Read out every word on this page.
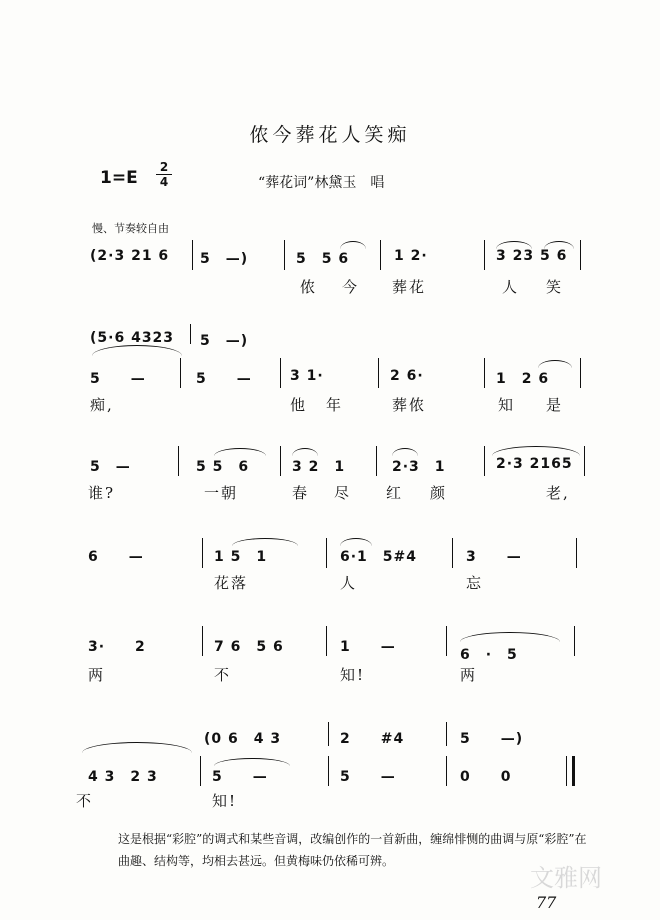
侬今葬花人笑痴
1=E
2
4	“葬花词”林黛玉　唱
慢、节奏较自由
(2·3 21 6 5　—)	5　5 6	1 2·	3 23 5 6
侬 今 葬花	人 笑
(5·6 4323 5　—)
5　　—	5　　—	3 1·	2 6·	1　2 6
痴,	他 年	葬侬	知 是
5　—	5 5　6	3 2　1	2·3　1	2·3 2165
谁?	一朝	春 尽 红 颜	老,
6　　—	1 5　1	6·1　5#4	3　　—
花落	人	忘
3·　　2	7 6　5 6	1　　—	6　·　5
两	不	知!	两
(0 6　4 3	2　　#4	5　　—)
4 3　2 3	5　　—	5　　—	0　　0
不	知!
这是根据“彩腔”的调式和某些音调，改编创作的一首新曲，缠绵悱恻的曲调与原“彩腔”在曲趣、结构等，均相去甚远。但黄梅味仍依稀可辨。
文雅网
77
